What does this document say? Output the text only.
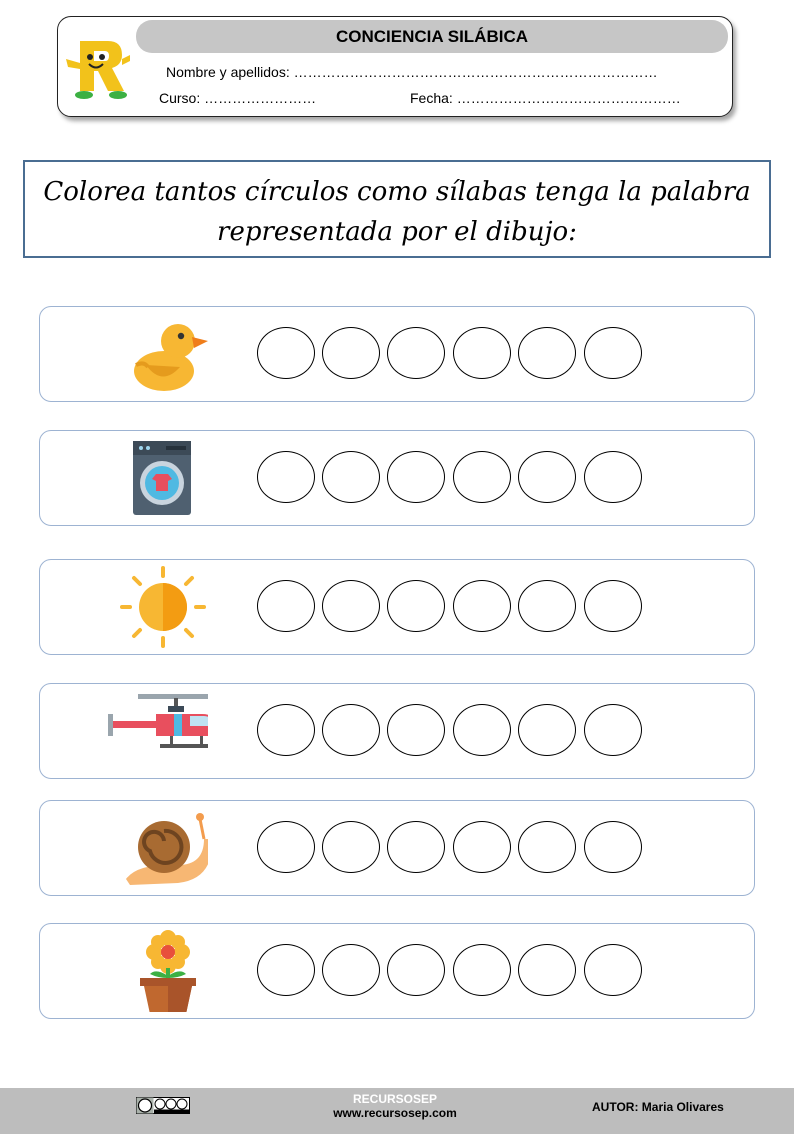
CONCIENCIA SILÁBICA
Nombre y apellidos: ……………………………………………………………………
Curso: ……………………	Fecha: …………………………………………
Colorea tantos círculos como sílabas tenga la palabra
representada por el dibujo:
RECURSOSEP
www.recursosep.com	AUTOR: Maria Olivares
